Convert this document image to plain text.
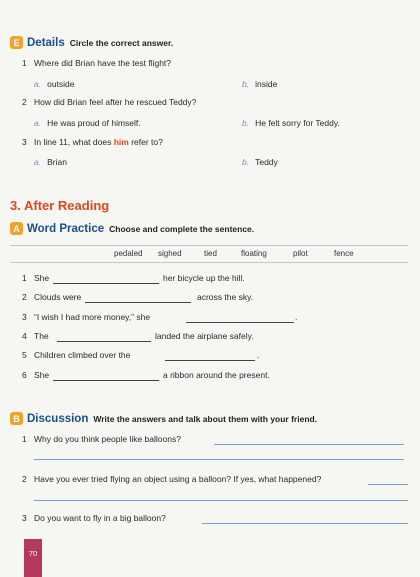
E Details Circle the correct answer.
1 Where did Brian have the test flight?
a. outside	b. inside
2 How did Brian feel after he rescued Teddy?
a. He was proud of himself.	b. He felt sorry for Teddy.
3 In line 11, what does him refer to?
a. Brian	b. Teddy
3. After Reading
A Word Practice Choose and complete the sentence.
pedaled sighed	tied	floating	pilot	fence
1 She	her bicycle up the hill.
2 Clouds were	across the sky.
3 “I wish I had more money,” she	.
4 The	landed the airplane safely.
5 Children climbed over the	.
6 She	a ribbon around the present.
B Discussion Write the answers and talk about them with your friend.
1 Why do you think people like balloons?
2 Have you ever tried flying an object using a balloon? If yes, what happened?
3 Do you want to fly in a big balloon?
70
